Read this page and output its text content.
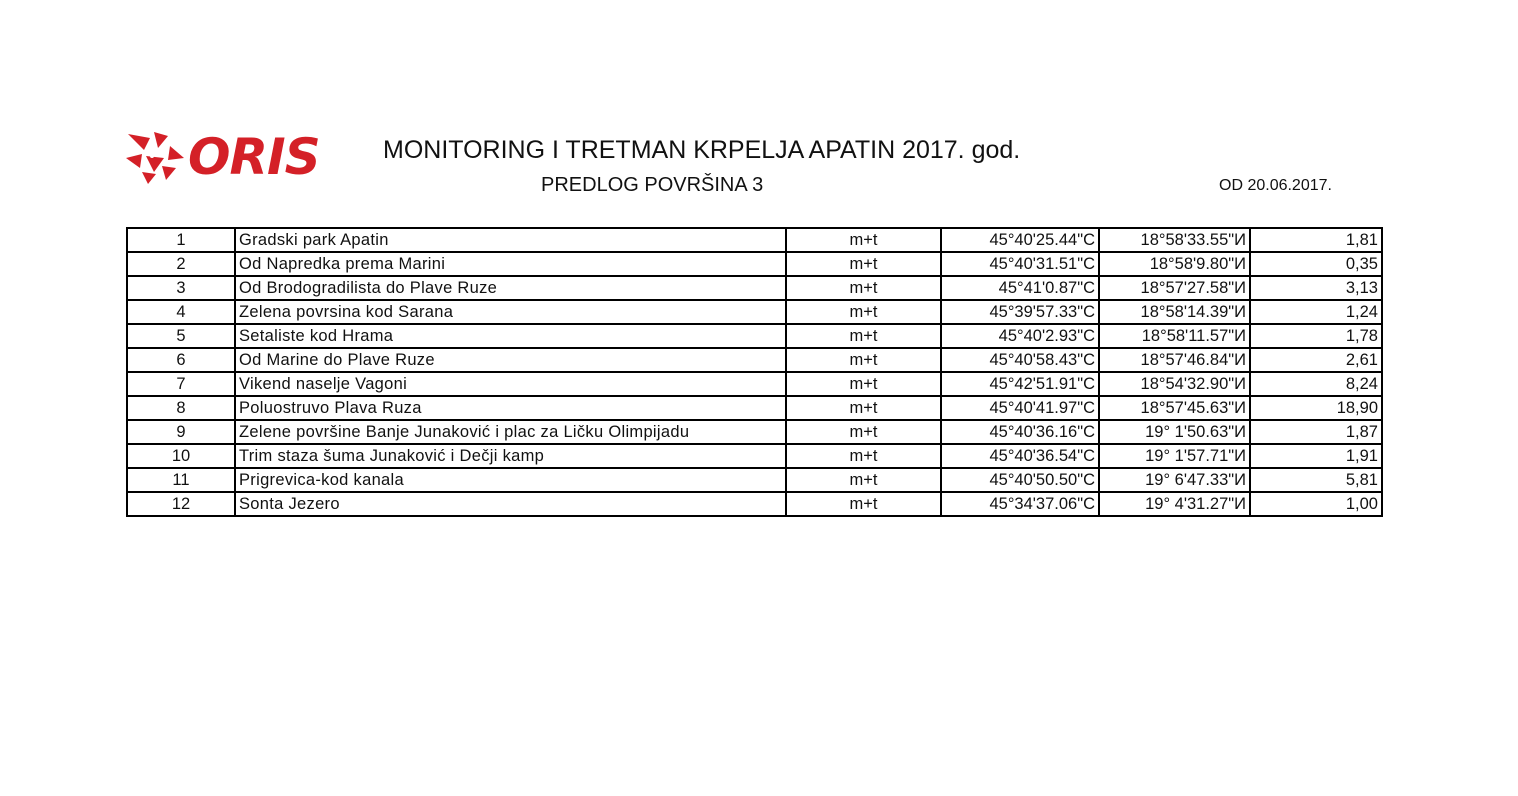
ORIS	MONITORING I TRETMAN KRPELJA APATIN 2017. god.
PREDLOG POVRŠINA 3	OD 20.06.2017.
1	Gradski park Apatin	m+t	45°40'25.44"С	18°58'33.55"И	1,81
2	Od Napredka prema Marini	m+t	45°40'31.51"С	18°58'9.80"И	0,35
3	Od Brodogradilista do Plave Ruze	m+t	45°41'0.87"С	18°57'27.58"И	3,13
4	Zelena povrsina kod Sarana	m+t	45°39'57.33"С	18°58'14.39"И	1,24
5	Setaliste kod Hrama	m+t	45°40'2.93"С	18°58'11.57"И	1,78
6	Od Marine do Plave Ruze	m+t	45°40'58.43"С	18°57'46.84"И	2,61
7	Vikend naselje Vagoni	m+t	45°42'51.91"С	18°54'32.90"И	8,24
8	Poluostruvo Plava Ruza	m+t	45°40'41.97"С	18°57'45.63"И	18,90
9	Zelene površine Banje Junaković i plac za Ličku Olimpijadu	m+t	45°40'36.16"С	19° 1'50.63"И	1,87
10	Trim staza šuma Junaković i Dečji kamp	m+t	45°40'36.54"С	19° 1'57.71"И	1,91
11	Prigrevica-kod kanala	m+t	45°40'50.50"С	19° 6'47.33"И	5,81
12	Sonta Jezero	m+t	45°34'37.06"С	19° 4'31.27"И	1,00
